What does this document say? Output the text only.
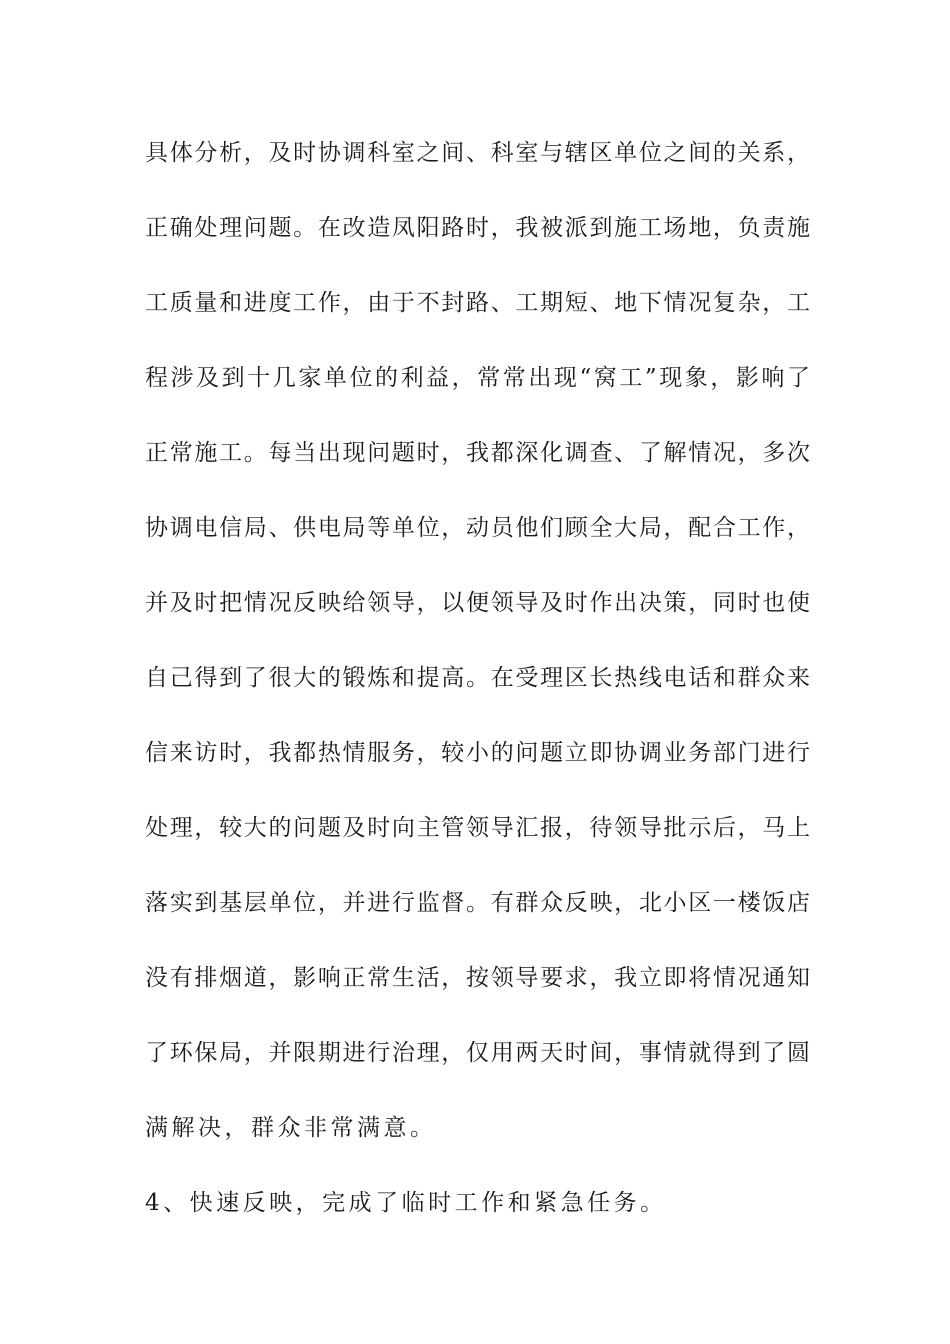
具体分析，及时协调科室之间、科室与辖区单位之间的关系，
正确处理问题。在改造凤阳路时，我被派到施工场地，负责施
工质量和进度工作，由于不封路、工期短、地下情况复杂，工
程涉及到十几家单位的利益，常常出现“窝工”现象，影响了
正常施工。每当出现问题时，我都深化调查、了解情况，多次
协调电信局、供电局等单位，动员他们顾全大局，配合工作，
并及时把情况反映给领导，以便领导及时作出决策，同时也使
自己得到了很大的锻炼和提高。在受理区长热线电话和群众来
信来访时，我都热情服务，较小的问题立即协调业务部门进行
处理，较大的问题及时向主管领导汇报，待领导批示后，马上
落实到基层单位，并进行监督。有群众反映，北小区一楼饭店
没有排烟道，影响正常生活，按领导要求，我立即将情况通知
了环保局，并限期进行治理，仅用两天时间，事情就得到了圆
满解决，群众非常满意。
4、快速反映，完成了临时工作和紧急任务。
